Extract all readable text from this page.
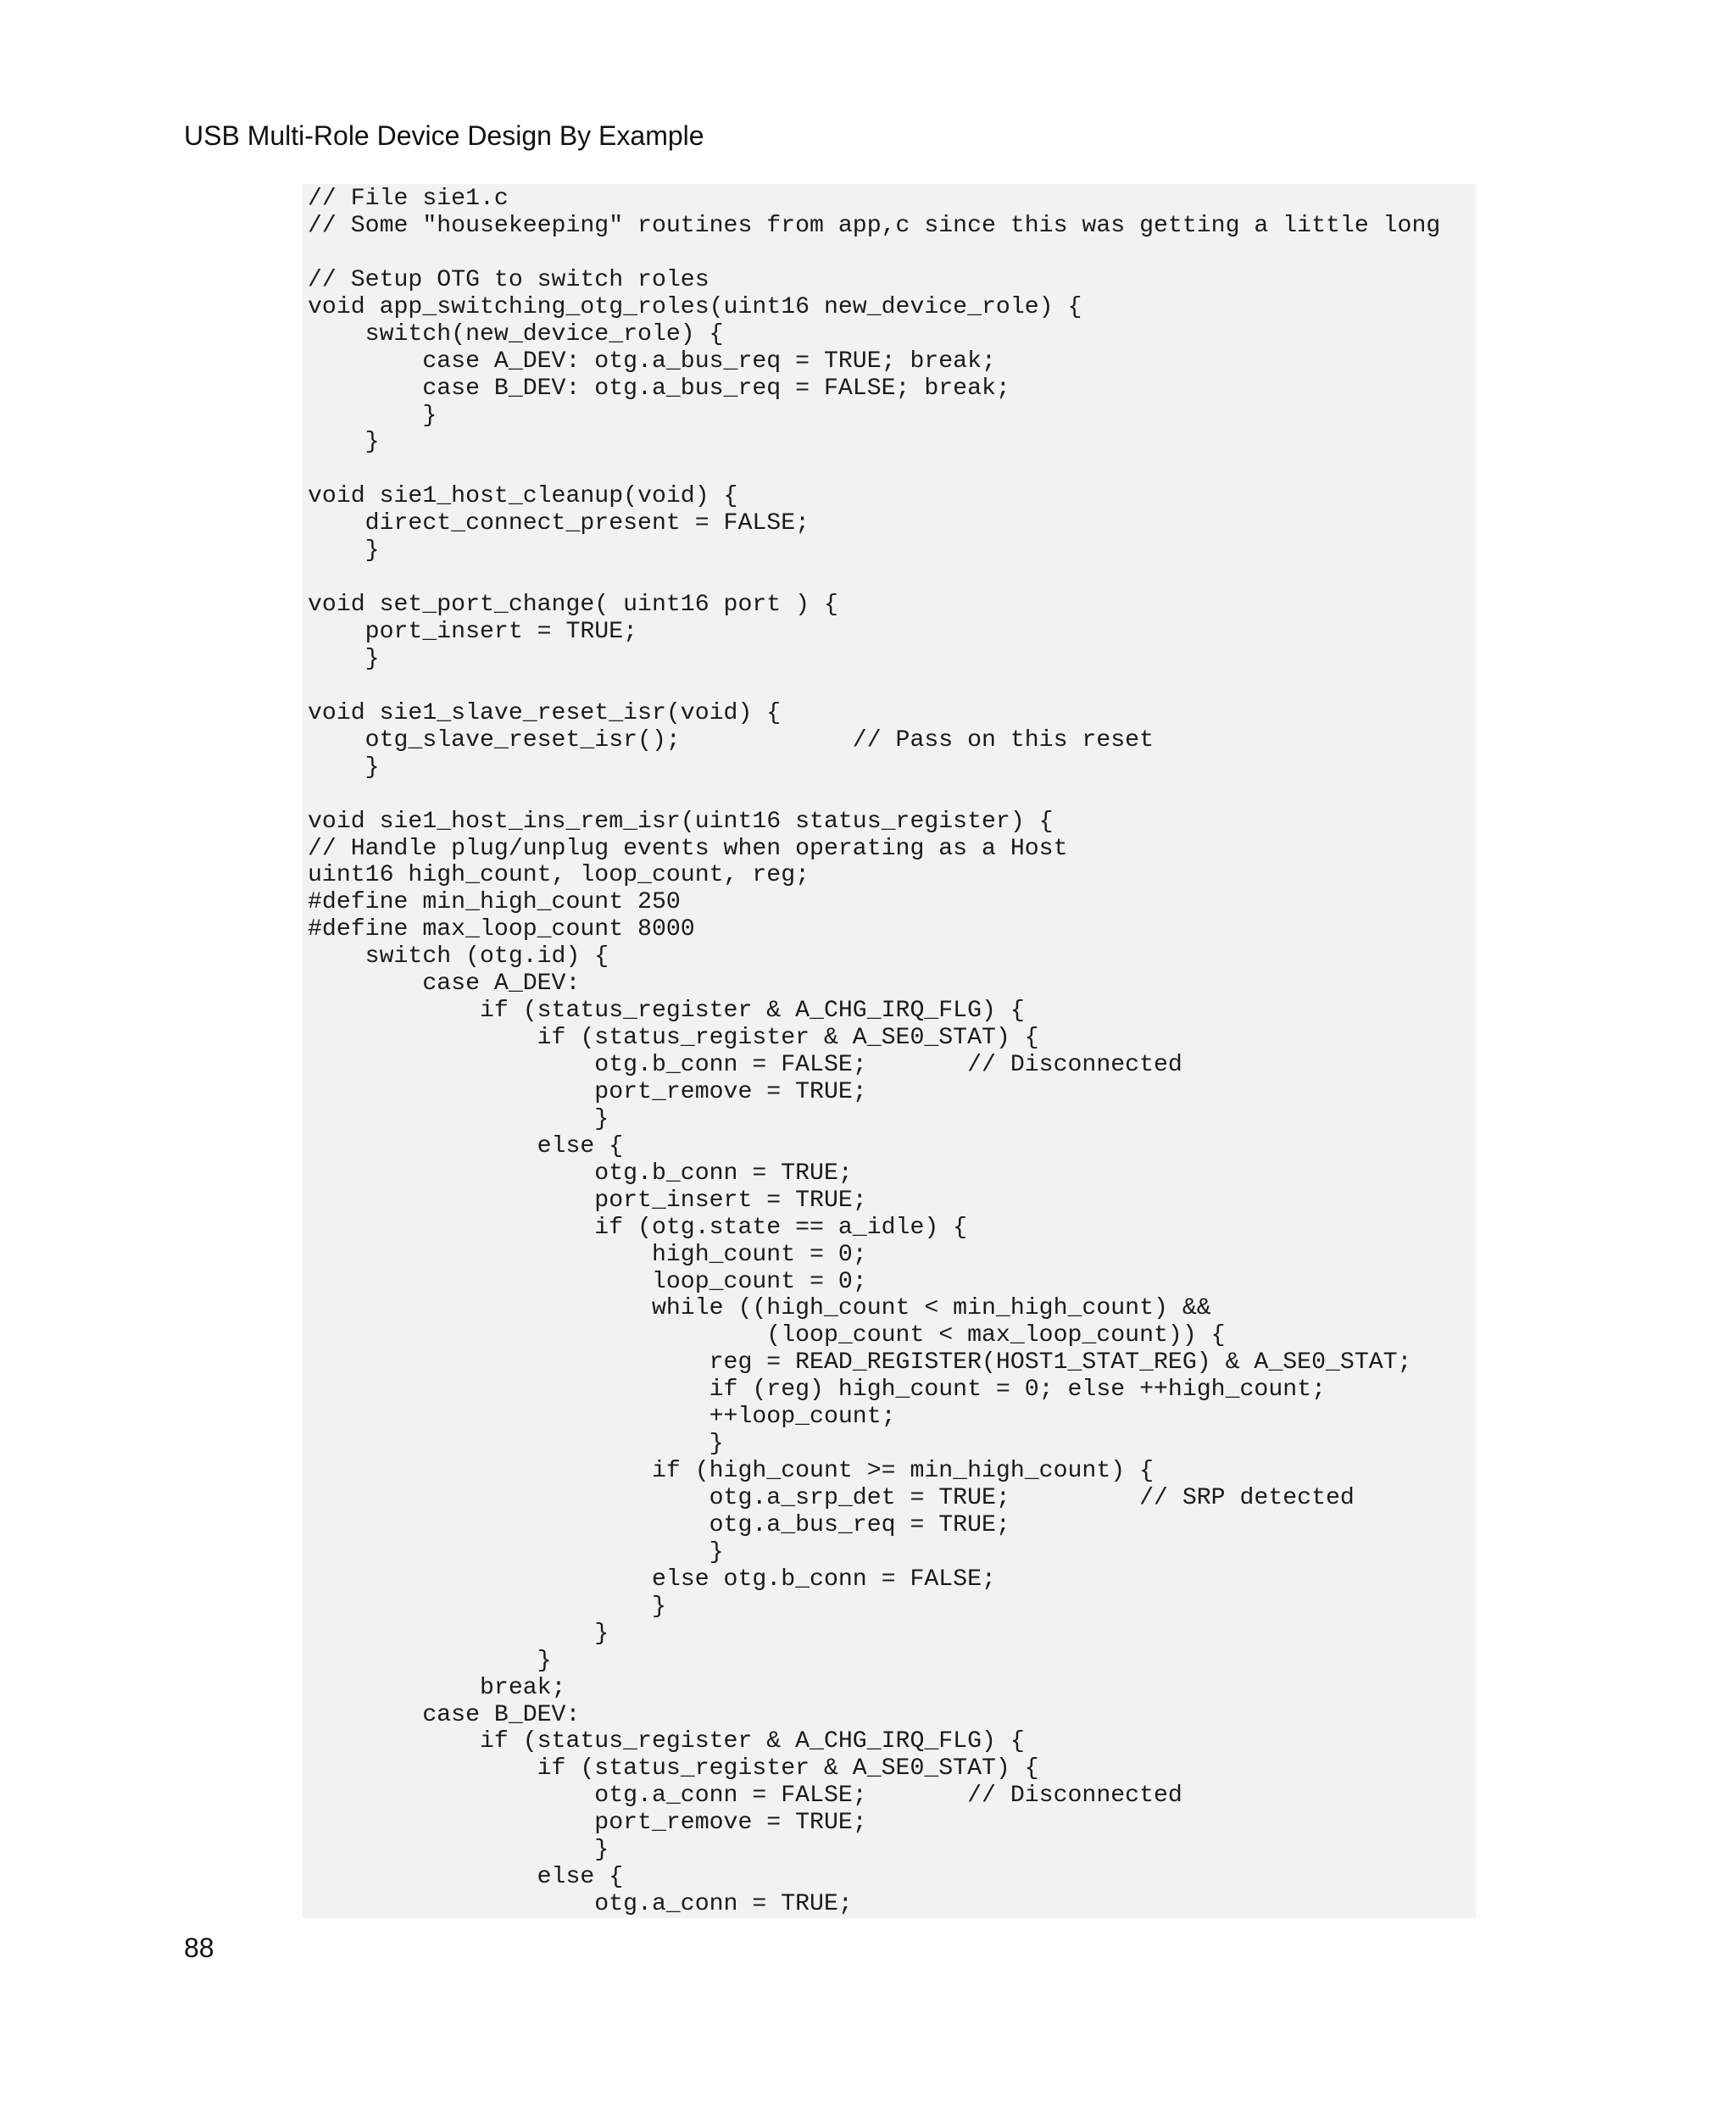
USB Multi-Role Device Design By Example
// File sie1.c
// Some "housekeeping" routines from app,c since this was getting a little long
// Setup OTG to switch roles
void app_switching_otg_roles(uint16 new_device_role) {
switch(new_device_role) {
case A_DEV: otg.a_bus_req = TRUE; break;
case B_DEV: otg.a_bus_req = FALSE; break;
}
}
void sie1_host_cleanup(void) {
direct_connect_present = FALSE;
}
void set_port_change( uint16 port ) {
port_insert = TRUE;
}
void sie1_slave_reset_isr(void) {
otg_slave_reset_isr();            // Pass on this reset
}
void sie1_host_ins_rem_isr(uint16 status_register) {
// Handle plug/unplug events when operating as a Host
uint16 high_count, loop_count, reg;
#define min_high_count 250
#define max_loop_count 8000
switch (otg.id) {
case A_DEV:
if (status_register & A_CHG_IRQ_FLG) {
if (status_register & A_SE0_STAT) {
otg.b_conn = FALSE;       // Disconnected
port_remove = TRUE;
}
else {
otg.b_conn = TRUE;
port_insert = TRUE;
if (otg.state == a_idle) {
high_count = 0;
loop_count = 0;
while ((high_count < min_high_count) &&
(loop_count < max_loop_count)) {
reg = READ_REGISTER(HOST1_STAT_REG) & A_SE0_STAT;
if (reg) high_count = 0; else ++high_count;
++loop_count;
}
if (high_count >= min_high_count) {
otg.a_srp_det = TRUE;         // SRP detected
otg.a_bus_req = TRUE;
}
else otg.b_conn = FALSE;
}
}
}
break;
case B_DEV:
if (status_register & A_CHG_IRQ_FLG) {
if (status_register & A_SE0_STAT) {
otg.a_conn = FALSE;       // Disconnected
port_remove = TRUE;
}
else {
otg.a_conn = TRUE;

88
